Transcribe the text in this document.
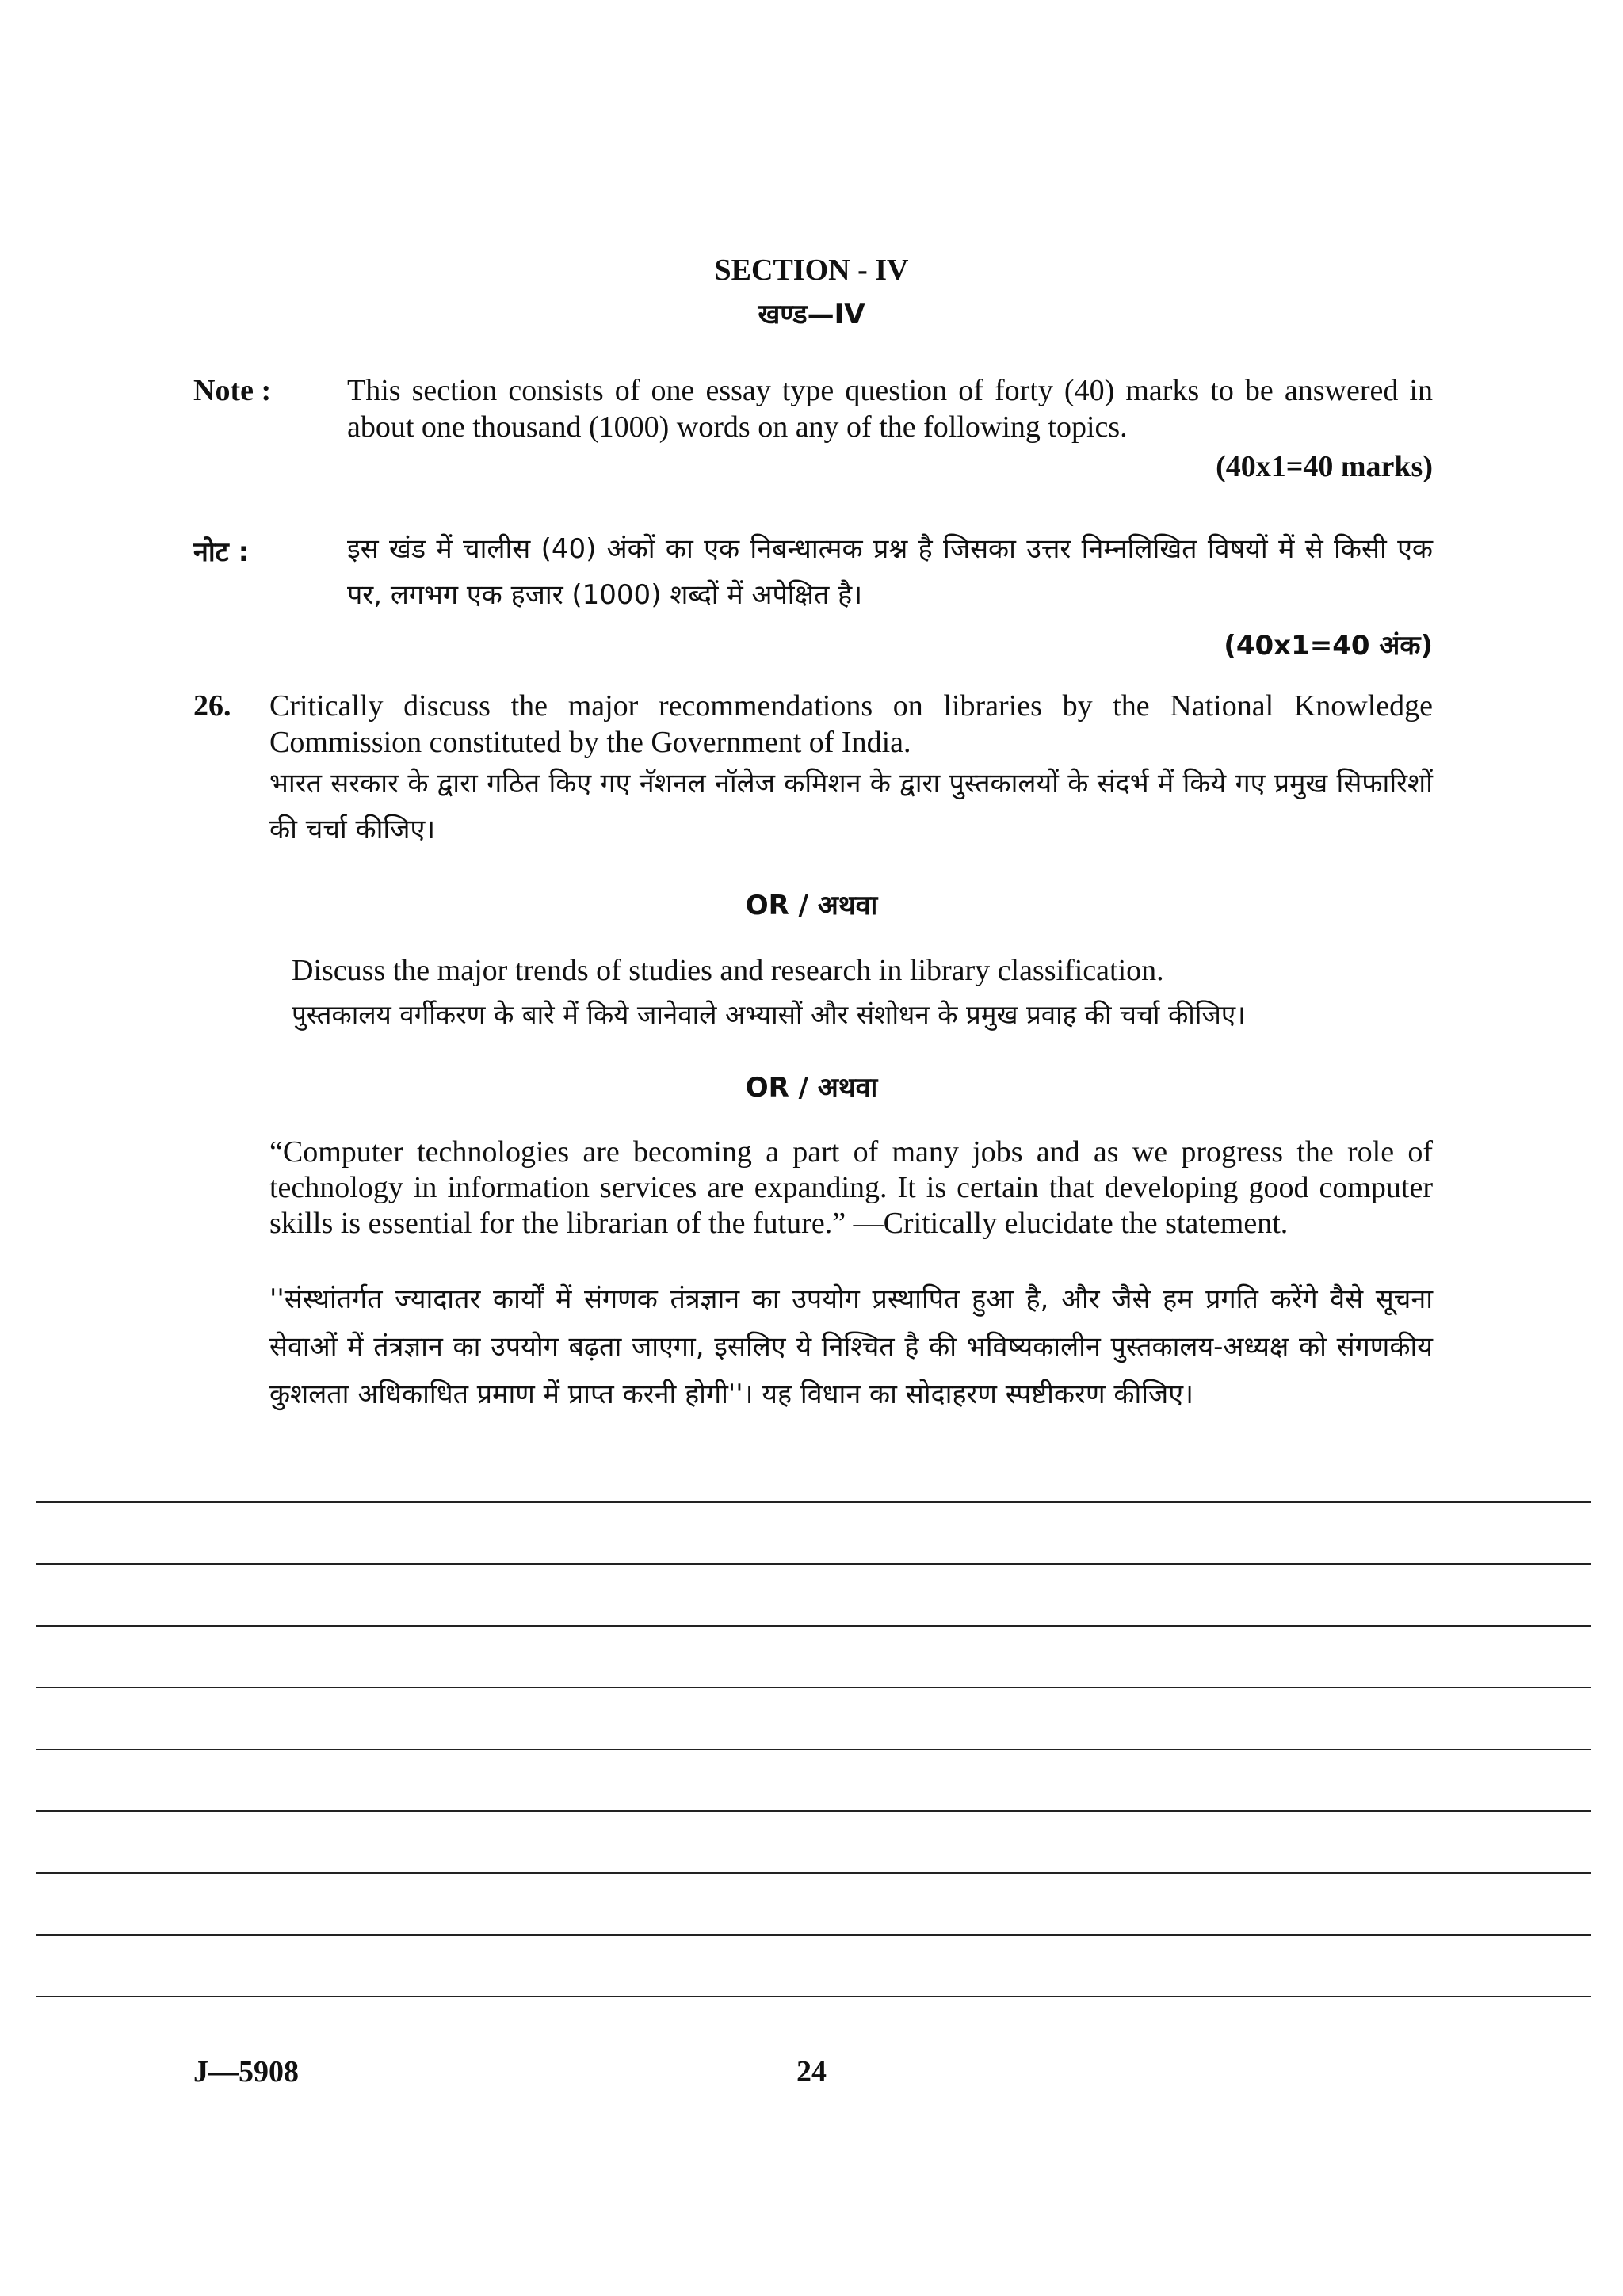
SECTION - IV
खण्ड—IV
Note :	This section consists of one essay type question of forty (40) marks to be answered in about one thousand (1000) words on any of the following topics.
(40x1=40 marks)
नोट :	इस खंड में चालीस (40) अंकों का एक निबन्धात्मक प्रश्न है जिसका उत्तर निम्नलिखित विषयों में से किसी एक पर, लगभग एक हजार (1000) शब्दों में अपेक्षित है।
(40x1=40 अंक)
26. Critically discuss the major recommendations on libraries by the National Knowledge Commission constituted by the Government of India.
भारत सरकार के द्वारा गठित किए गए नॅशनल नॉलेज कमिशन के द्वारा पुस्तकालयों के संदर्भ में किये गए प्रमुख सिफारिशों की चर्चा कीजिए।
OR / अथवा
Discuss the major trends of studies and research in library classification.
पुस्तकालय वर्गीकरण के बारे में किये जानेवाले अभ्यासों और संशोधन के प्रमुख प्रवाह की चर्चा कीजिए।
OR / अथवा
“Computer technologies are becoming a part of many jobs and as we progress the role of technology in information services are expanding. It is certain that developing good computer skills is essential for the librarian of the future.” —Critically elucidate the statement.
''संस्थांतर्गत ज्यादातर कार्यों में संगणक तंत्रज्ञान का उपयोग प्रस्थापित हुआ है, और जैसे हम प्रगति करेंगे वैसे सूचना सेवाओं में तंत्रज्ञान का उपयोग बढ़ता जाएगा, इसलिए ये निश्चित है की भविष्यकालीन पुस्तकालय-अध्यक्ष को संगणकीय कुशलता अधिकाधित प्रमाण में प्राप्त करनी होगी''। यह विधान का सोदाहरण स्पष्टीकरण कीजिए।
J—5908	24
